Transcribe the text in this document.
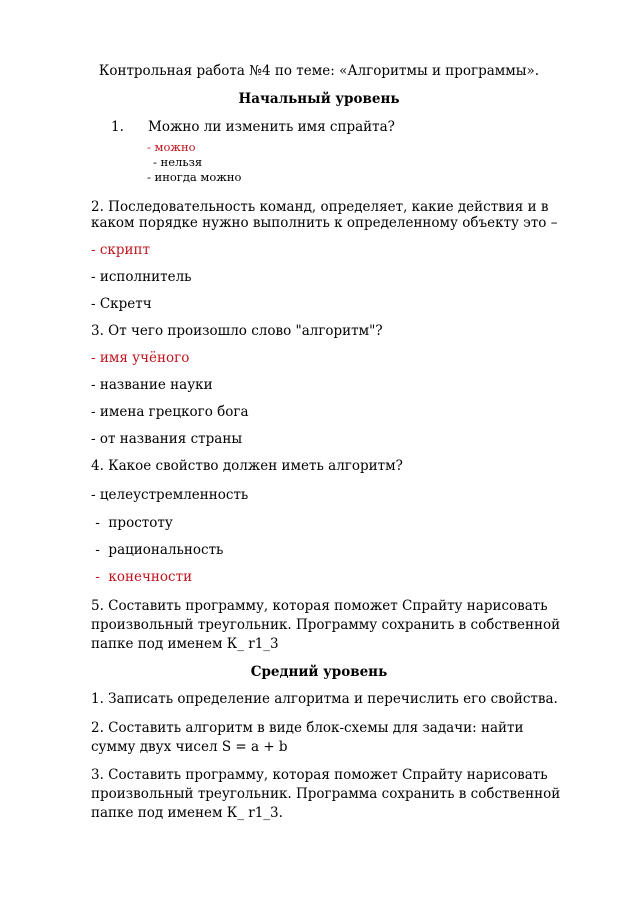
Контрольная работа №4 по теме: «Алгоритмы и программы».
Начальный уровень
1. Можно ли изменить имя спрайта?
- можно
- нельзя
- иногда можно
2. Последовательность команд, определяет, какие действия и в
каком порядке нужно выполнить к определенному объекту это –
- скрипт
- исполнитель
- Скретч
3. От чего произошло слово "алгоритм"?
- имя учёного
- название науки
- имена грецкого бога
- от названия страны
4. Какое свойство должен иметь алгоритм?
- целеустремленность
-  простоту
-  рациональность
-  конечности
5. Составить программу, которая поможет Спрайту нарисовать
произвольный треугольник. Программу сохранить в собственной
папке под именем К_ r1_3
Средний уровень
1. Записать определение алгоритма и перечислить его свойства.
2. Составить алгоритм в виде блок-схемы для задачи: найти
сумму двух чисел S = a + b
3. Составить программу, которая поможет Спрайту нарисовать
произвольный треугольник. Программа сохранить в собственной
папке под именем К_ r1_3.
